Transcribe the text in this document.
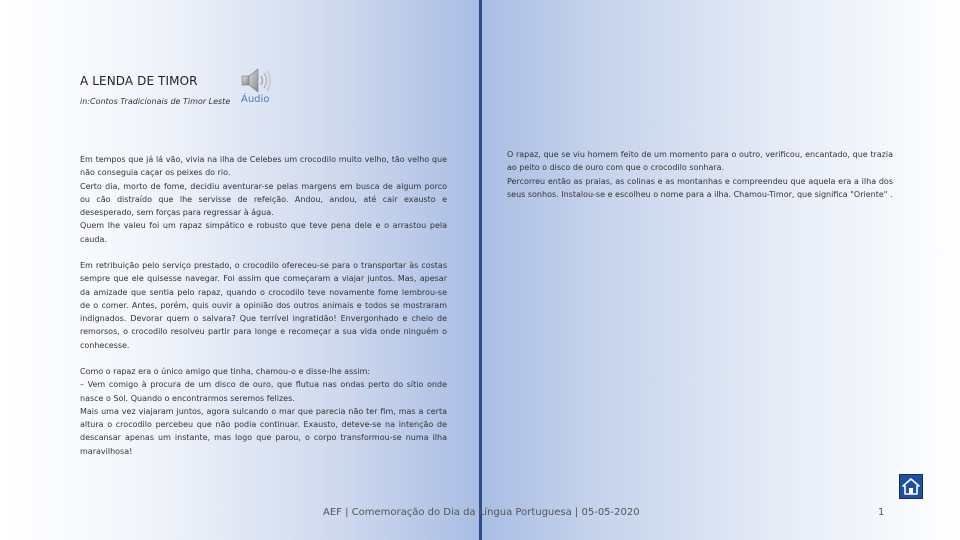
A LENDA DE TIMOR
in:Contos Tradicionais de Timor Leste Áudio
Em tempos que já lá vão, vivia na ilha de Celebes um crocodilo muito velho, tão velho que não conseguia caçar os peixes do rio.
Certo dia, morto de fome, decidiu aventurar-se pelas margens em busca de algum porco ou cão distraído que lhe servisse de refeição. Andou, andou, até cair exausto e desesperado, sem forças para regressar à água.
Quem lhe valeu foi um rapaz simpático e robusto que teve pena dele e o arrastou pela cauda.
Em retribuição pelo serviço prestado, o crocodilo ofereceu-se para o transportar às costas sempre que ele quisesse navegar. Foi assim que começaram a viajar juntos. Mas, apesar da amizade que sentia pelo rapaz, quando o crocodilo teve novamente fome lembrou-se de o comer. Antes, porém, quis ouvir a opinião dos outros animais e todos se mostraram indignados. Devorar quem o salvara? Que terrível ingratidão! Envergonhado e cheio de remorsos, o crocodilo resolveu partir para longe e recomeçar a sua vida onde ninguém o conhecesse.
Como o rapaz era o único amigo que tinha, chamou-o e disse-lhe assim:
– Vem comigo à procura de um disco de ouro, que flutua nas ondas perto do sítio onde nasce o Sol. Quando o encontrarmos seremos felizes.
Mais uma vez viajaram juntos, agora sulcando o mar que parecia não ter fim, mas a certa altura o crocodilo percebeu que não podia continuar. Exausto, deteve-se na intenção de descansar apenas um instante, mas logo que parou, o corpo transformou-se numa ilha maravilhosa!
O rapaz, que se viu homem feito de um momento para o outro, verificou, encantado, que trazia ao peito o disco de ouro com que o crocodilo sonhara.
Percorreu então as praias, as colinas e as montanhas e compreendeu que aquela era a ilha dos seus sonhos. Instalou-se e escolheu o nome para a ilha. Chamou-Timor, que significa "Oriente" .
AEF | Comemoração do Dia da Língua Portuguesa | 05-05-2020	1
